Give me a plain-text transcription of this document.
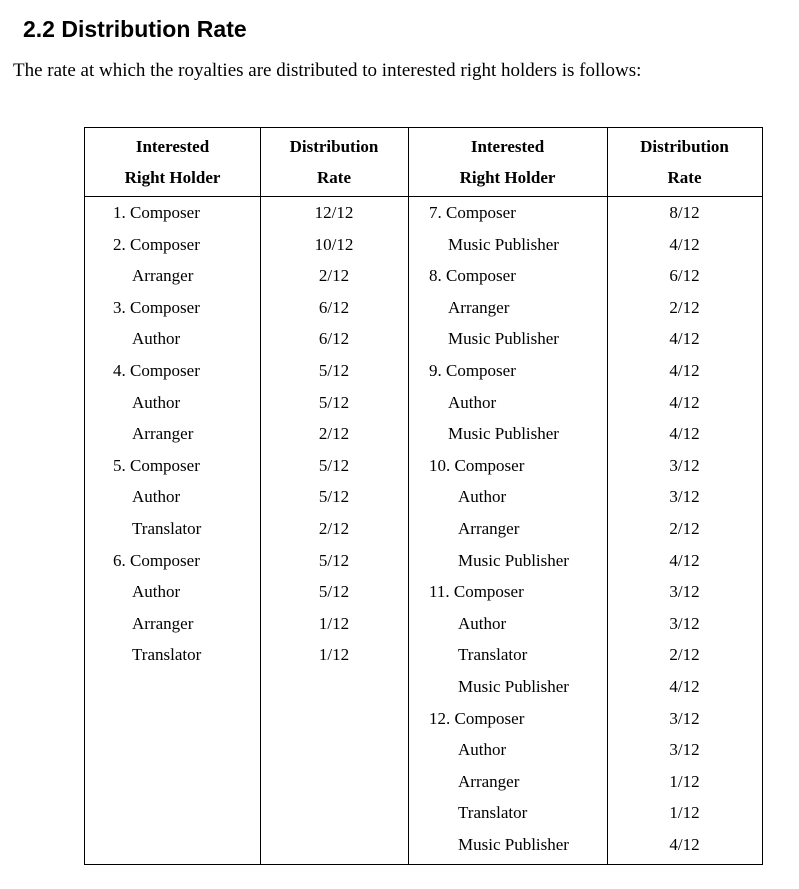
2.2 Distribution Rate

The rate at which the royalties are distributed to interested right holders is follows:

Interested
Right Holder
Distribution
Rate
Interested
Right Holder
Distribution
Rate
1. Composer
2. Composer
Arranger
3. Composer
Author
4. Composer
Author
Arranger
5. Composer
Author
Translator
6. Composer
Author
Arranger
Translator
12/12
10/12
2/12
6/12
6/12
5/12
5/12
2/12
5/12
5/12
2/12
5/12
5/12
1/12
1/12
7. Composer
Music Publisher
8. Composer
Arranger
Music Publisher
9. Composer
Author
Music Publisher
10. Composer
Author
Arranger
Music Publisher
11. Composer
Author
Translator
Music Publisher
12. Composer
Author
Arranger
Translator
Music Publisher
8/12
4/12
6/12
2/12
4/12
4/12
4/12
4/12
3/12
3/12
2/12
4/12
3/12
3/12
2/12
4/12
3/12
3/12
1/12
1/12
4/12
